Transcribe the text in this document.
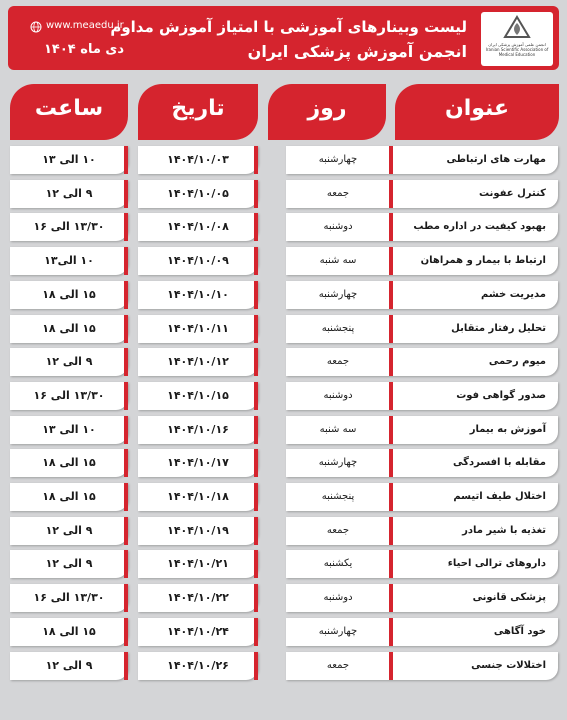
انجمن علمی آموزش پزشکی ایران Iranian Scientific Association of Medical Education
لیست وبینارهای آموزشی با امتیاز آموزش مداوم
انجمن آموزش پزشکی ایران
www.meaedu.ir
دی ماه ۱۴۰۴
عنوان
روز
تاریخ
ساعت
مهارت های ارتباطی
چهارشنبه
۱۴۰۴/۱۰/۰۳
۱۰ الی ۱۳
کنترل عفونت
جمعه
۱۴۰۴/۱۰/۰۵
۹ الی ۱۲
بهبود کیفیت در اداره مطب
دوشنبه
۱۴۰۴/۱۰/۰۸
۱۳/۳۰ الی ۱۶
ارتباط با بیمار و همراهان
سه شنبه
۱۴۰۴/۱۰/۰۹
۱۰ الی۱۳
مدیریت خشم
چهارشنبه
۱۴۰۴/۱۰/۱۰
۱۵ الی ۱۸
تحلیل رفتار متقابل
پنجشنبه
۱۴۰۴/۱۰/۱۱
۱۵ الی ۱۸
میوم رحمی
جمعه
۱۴۰۴/۱۰/۱۲
۹ الی ۱۲
صدور گواهی فوت
دوشنبه
۱۴۰۴/۱۰/۱۵
۱۳/۳۰ الی ۱۶
آموزش به بیمار
سه شنبه
۱۴۰۴/۱۰/۱۶
۱۰ الی ۱۳
مقابله با افسردگی
چهارشنبه
۱۴۰۴/۱۰/۱۷
۱۵ الی ۱۸
اختلال طیف اتیسم
پنجشنبه
۱۴۰۴/۱۰/۱۸
۱۵ الی ۱۸
تغذیه با شیر مادر
جمعه
۱۴۰۴/۱۰/۱۹
۹ الی ۱۲
داروهای ترالی احیاء
یکشنبه
۱۴۰۴/۱۰/۲۱
۹ الی ۱۲
پزشکی قانونی
دوشنبه
۱۴۰۴/۱۰/۲۲
۱۳/۳۰ الی ۱۶
خود آگاهی
چهارشنبه
۱۴۰۴/۱۰/۲۴
۱۵ الی ۱۸
اختلالات جنسی
جمعه
۱۴۰۴/۱۰/۲۶
۹ الی ۱۲
